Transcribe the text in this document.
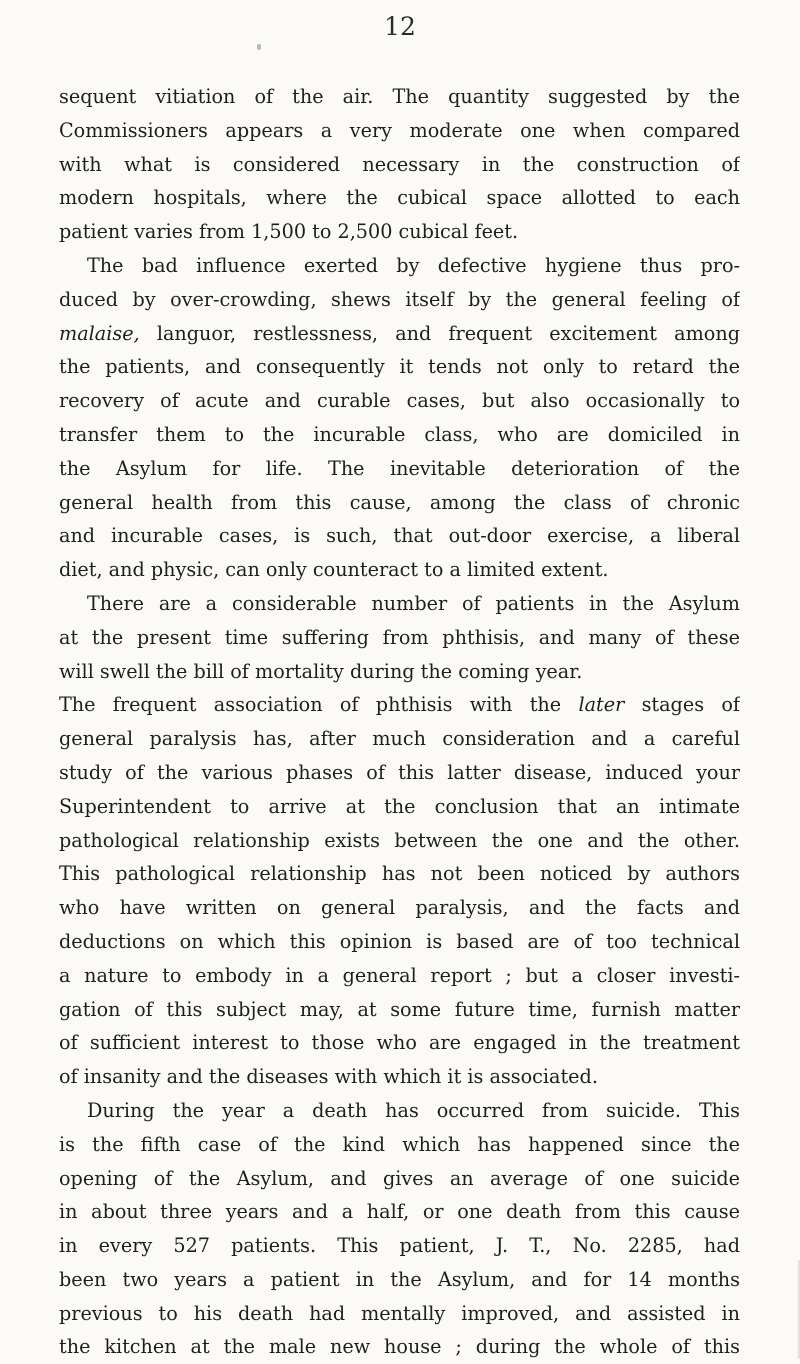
12

sequent vitiation of the air. The quantity suggested by the
Commissioners appears a very moderate one when compared
with what is considered necessary in the construction of
modern hospitals, where the cubical space allotted to each
patient varies from 1,500 to 2,500 cubical feet.
The bad influence exerted by defective hygiene thus pro-
duced by over-crowding, shews itself by the general feeling of
malaise, languor, restlessness, and frequent excitement among
the patients, and consequently it tends not only to retard the
recovery of acute and curable cases, but also occasionally to
transfer them to the incurable class, who are domiciled in
the Asylum for life. The inevitable deterioration of the
general health from this cause, among the class of chronic
and incurable cases, is such, that out-door exercise, a liberal
diet, and physic, can only counteract to a limited extent.
There are a considerable number of patients in the Asylum
at the present time suffering from phthisis, and many of these
will swell the bill of mortality during the coming year.
The frequent association of phthisis with the later stages of
general paralysis has, after much consideration and a careful
study of the various phases of this latter disease, induced your
Superintendent to arrive at the conclusion that an intimate
pathological relationship exists between the one and the other.
This pathological relationship has not been noticed by authors
who have written on general paralysis, and the facts and
deductions on which this opinion is based are of too technical
a nature to embody in a general report ; but a closer investi-
gation of this subject may, at some future time, furnish matter
of sufficient interest to those who are engaged in the treatment
of insanity and the diseases with which it is associated.
During the year a death has occurred from suicide. This
is the fifth case of the kind which has happened since the
opening of the Asylum, and gives an average of one suicide
in about three years and a half, or one death from this cause
in every 527 patients. This patient, J. T., No. 2285, had
been two years a patient in the Asylum, and for 14 months
previous to his death had mentally improved, and assisted in
the kitchen at the male new house ; during the whole of this
